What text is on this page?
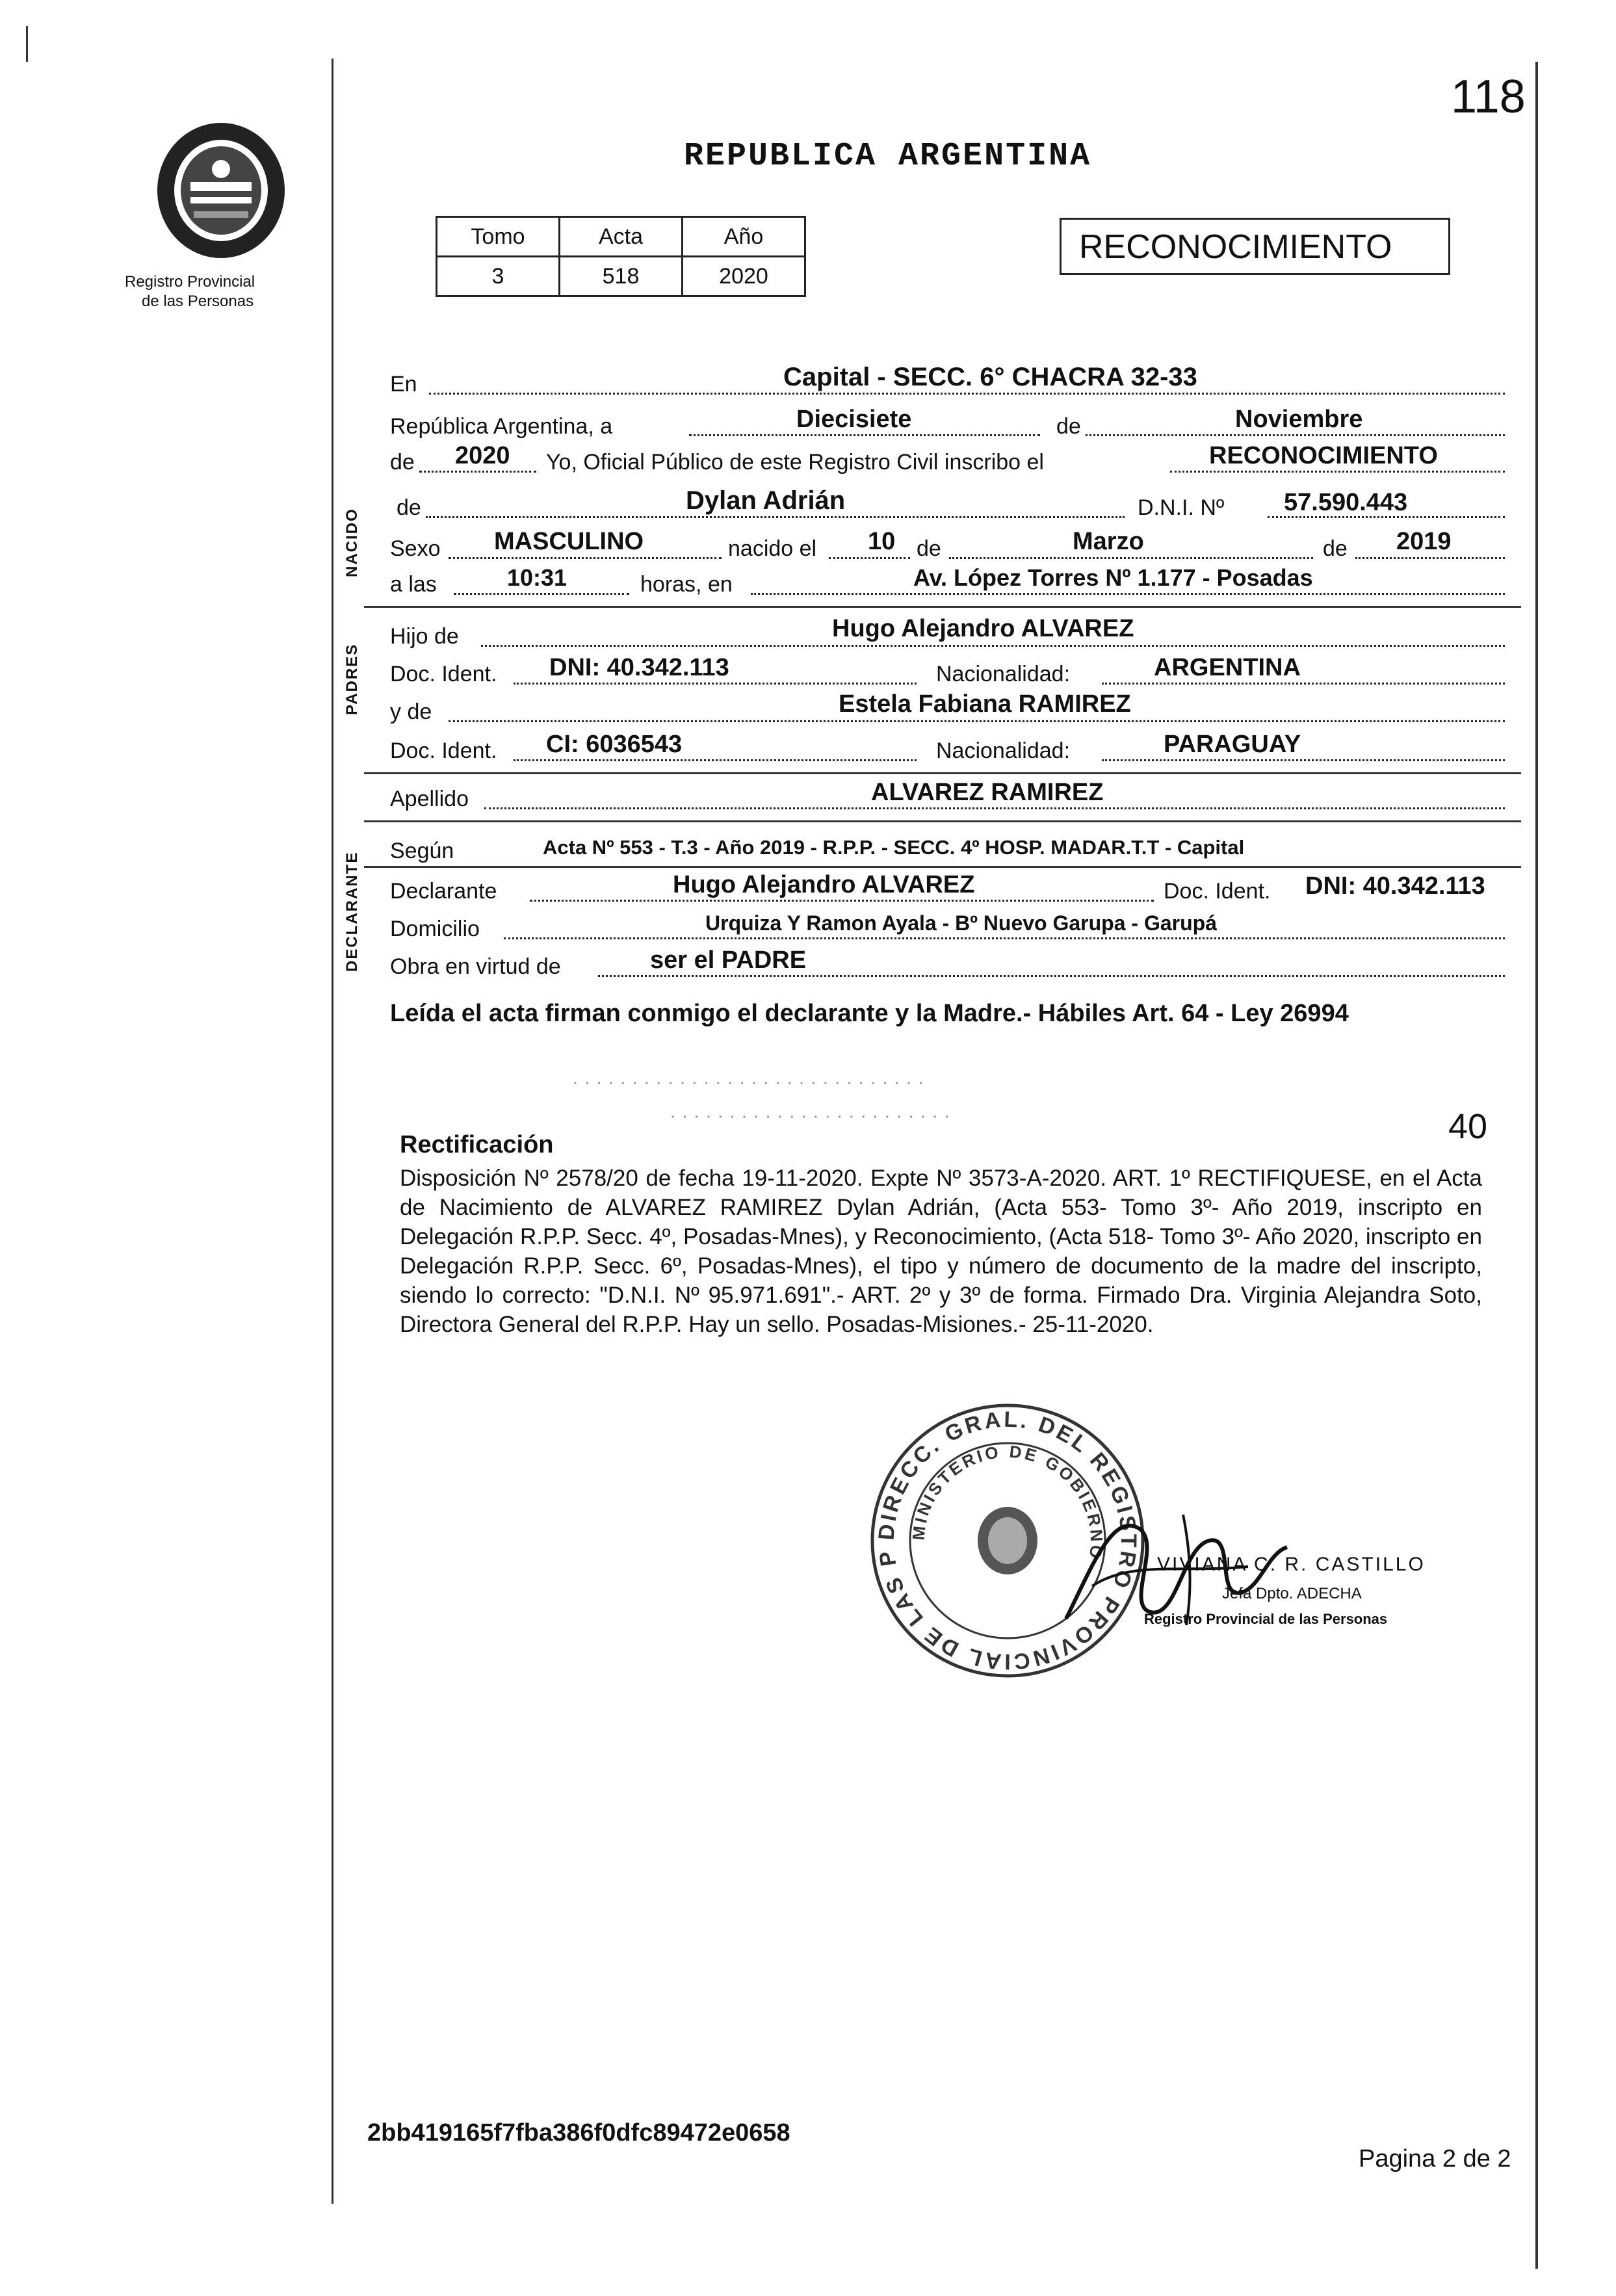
118
Registro Provincial
de las Personas
REPUBLICA ARGENTINA
Tomo	Acta	Año
3	518	2020
RECONOCIMIENTO
NACIDO
PADRES
DECLARANTE
En	Capital - SECC. 6° CHACRA 32-33
República Argentina, a	Diecisiete	de	Noviembre
de 2020 Yo, Oficial Público de este Registro Civil inscribo el	RECONOCIMIENTO
de	Dylan Adrián	D.N.I. Nº 57.590.443
Sexo MASCULINO	nacido el 10 de	Marzo	de 2019
a las	10:31	horas, en	Av. López Torres Nº 1.177 - Posadas
Hijo de	Hugo Alejandro ALVAREZ
Doc. Ident. DNI: 40.342.113	Nacionalidad:	ARGENTINA
y de	Estela Fabiana RAMIREZ
Doc. Ident. CI: 6036543	Nacionalidad:	PARAGUAY
Apellido	ALVAREZ RAMIREZ
Según	Acta Nº 553 - T.3 - Año 2019 - R.P.P. - SECC. 4º HOSP. MADAR.T.T - Capital
Declarante	Hugo Alejandro ALVAREZ	Doc. Ident. DNI: 40.342.113
Domicilio	Urquiza Y Ramon Ayala - Bº Nuevo Garupa - Garupá
Obra en virtud de	ser el PADRE
Leída el acta firman conmigo el declarante y la Madre.- Hábiles Art. 64 - Ley 26994
· · · · · · · · · · · · · · · · · · · · · · · · · · · · · ·
· · · · · · · · · · · · · · · · · · · · · · · ·	40
Rectificación
Disposición Nº 2578/20 de fecha 19-11-2020. Expte Nº 3573-A-2020. ART. 1º RECTIFIQUESE, en el Acta de Nacimiento de ALVAREZ RAMIREZ Dylan Adrián, (Acta 553- Tomo 3º- Año 2019, inscripto en Delegación R.P.P. Secc. 4º, Posadas-Mnes), y Reconocimiento, (Acta 518- Tomo 3º- Año 2020, inscripto en Delegación R.P.P. Secc. 6º, Posadas-Mnes), el tipo y número de documento de la madre del inscripto, siendo lo correcto: "D.N.I. Nº 95.971.691".- ART. 2º y 3º de forma. Firmado Dra. Virginia Alejandra Soto, Directora General del R.P.P. Hay un sello. Posadas-Misiones.- 25-11-2020.
DIRECC. GRAL. DEL REGISTRO PROVINCIAL DE LAS P
MINISTERIO DE GOBIERNO
VIVIANA C. R. CASTILLO
Jefa Dpto. ADECHA
Registro Provincial de las Personas
2bb419165f7fba386f0dfc89472e0658
Pagina 2 de 2
